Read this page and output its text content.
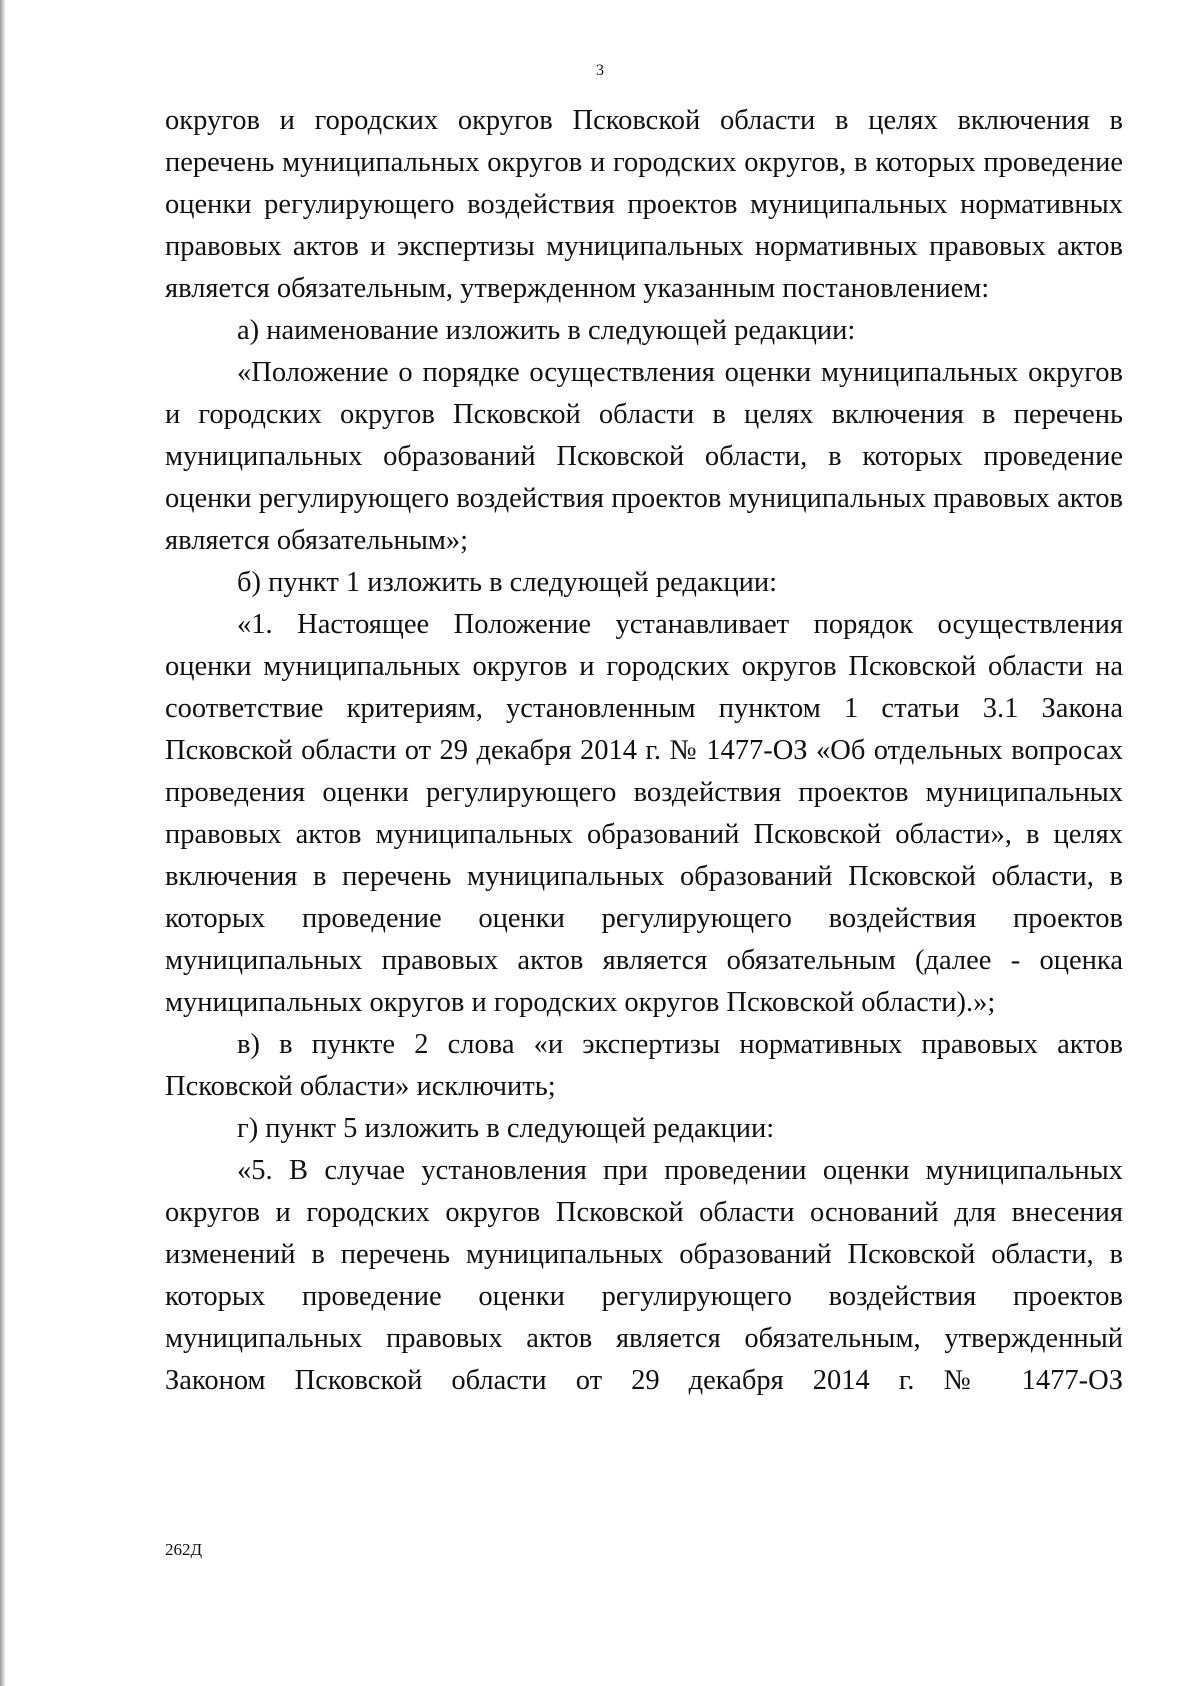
3

округов и городских округов Псковской области в целях включения в перечень муниципальных округов и городских округов, в которых проведение оценки регулирующего воздействия проектов муниципальных нормативных правовых актов и экспертизы муниципальных нормативных правовых актов является обязательным, утвержденном указанным постановлением:

а) наименование изложить в следующей редакции:

«Положение о порядке осуществления оценки муниципальных округов и городских округов Псковской области в целях включения в перечень муниципальных образований Псковской области, в которых проведение оценки регулирующего воздействия проектов муниципальных правовых актов является обязательным»;

б) пункт 1 изложить в следующей редакции:

«1. Настоящее Положение устанавливает порядок осуществления оценки муниципальных округов и городских округов Псковской области на соответствие критериям, установленным пунктом 1 статьи 3.1 Закона Псковской области от 29 декабря 2014 г. № 1477-ОЗ «Об отдельных вопросах проведения оценки регулирующего воздействия проектов муниципальных правовых актов муниципальных образований Псковской области», в целях включения в перечень муниципальных образований Псковской области, в которых проведение оценки регулирующего воздействия проектов муниципальных правовых актов является обязательным (далее - оценка муниципальных округов и городских округов Псковской области).»;

в) в пункте 2 слова «и экспертизы нормативных правовых актов Псковской области» исключить;

г) пункт 5 изложить в следующей редакции:

«5. В случае установления при проведении оценки муниципальных округов и городских округов Псковской области оснований для внесения изменений в перечень муниципальных образований Псковской области, в которых проведение оценки регулирующего воздействия проектов муниципальных правовых актов является обязательным, утвержденный Законом Псковской области от 29 декабря 2014 г. № 1477-ОЗ

262Д
